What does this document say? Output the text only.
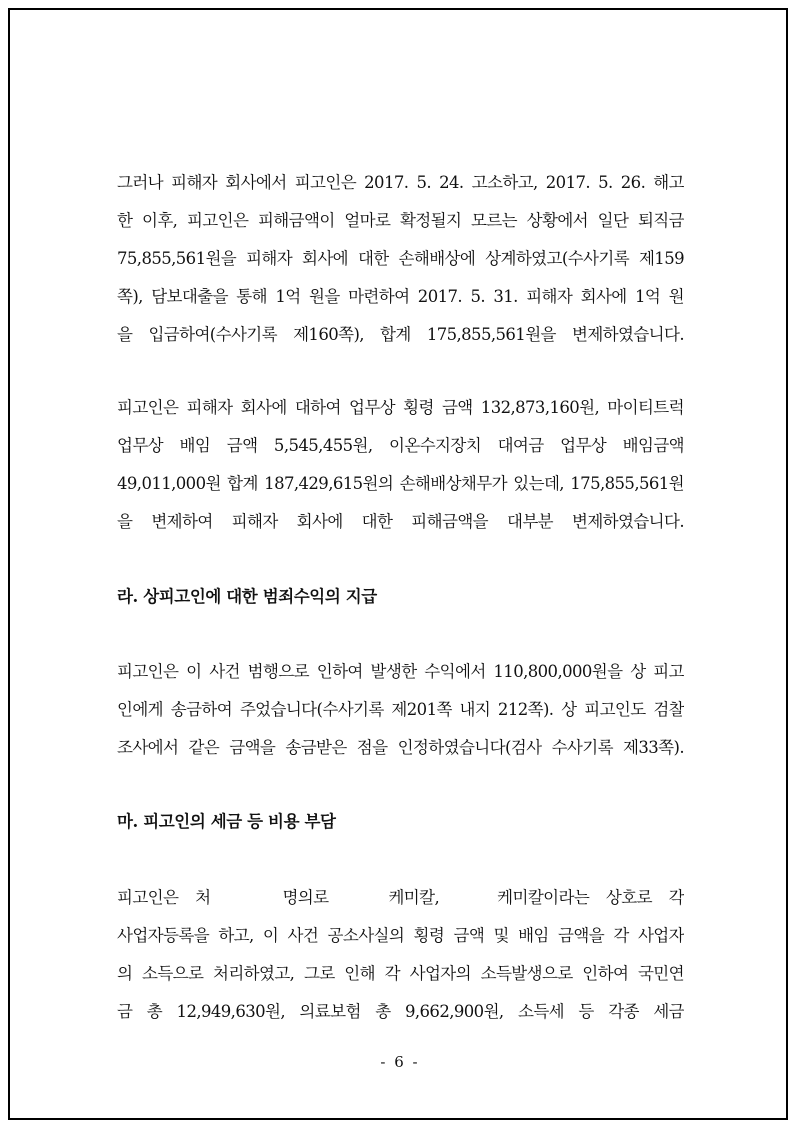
그러나 피해자 회사에서 피고인은 2017. 5. 24. 고소하고, 2017. 5. 26. 해고
한 이후, 피고인은 피해금액이 얼마로 확정될지 모르는 상황에서 일단 퇴직금
75,855,561원을 피해자 회사에 대한 손해배상에 상계하였고(수사기록 제159
쪽), 담보대출을 통해 1억 원을 마련하여 2017. 5. 31. 피해자 회사에 1억 원
을 입금하여(수사기록 제160쪽), 합계 175,855,561원을 변제하였습니다.
피고인은 피해자 회사에 대하여 업무상 횡령 금액 132,873,160원, 마이티트럭
업무상 배임 금액 5,545,455원, 이온수지장치 대여금 업무상 배임금액
49,011,000원 합계 187,429,615원의 손해배상채무가 있는데, 175,855,561원
을 변제하여 피해자 회사에 대한 피해금액을 대부분 변제하였습니다.
라. 상피고인에 대한 범죄수익의 지급
피고인은 이 사건 범행으로 인하여 발생한 수익에서 110,800,000원을 상 피고
인에게 송금하여 주었습니다(수사기록 제201쪽 내지 212쪽). 상 피고인도 검찰
조사에서 같은 금액을 송금받은 점을 인정하였습니다(검사 수사기록 제33쪽).
마. 피고인의 세금 등 비용 부담
피고인은 처	명의로	케미칼,	케미칼이라는 상호로 각
사업자등록을 하고, 이 사건 공소사실의 횡령 금액 및 배임 금액을 각 사업자
의 소득으로 처리하였고, 그로 인해 각 사업자의 소득발생으로 인하여 국민연
금 총 12,949,630원, 의료보험 총 9,662,900원, 소득세 등 각종 세금
- 6 -
